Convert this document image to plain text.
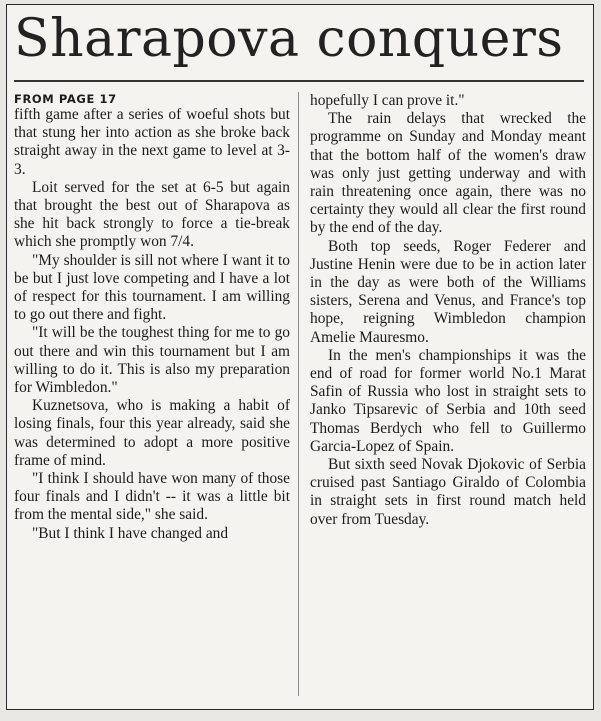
Sharapova conquers
FROM PAGE 17

fifth game after a series of woeful shots but that stung her into action as she broke back straight away in the next game to level at 3-3.

Loit served for the set at 6-5 but again that brought the best out of Sharapova as she hit back strongly to force a tie-break which she promptly won 7/4.

"My shoulder is sill not where I want it to be but I just love competing and I have a lot of respect for this tournament. I am willing to go out there and fight.

"It will be the toughest thing for me to go out there and win this tournament but I am willing to do it. This is also my preparation for Wimbledon."

Kuznetsova, who is making a habit of losing finals, four this year already, said she was determined to adopt a more positive frame of mind.

"I think I should have won many of those four finals and I didn't -- it was a little bit from the mental side," she said.

"But I think I have changed and

hopefully I can prove it."

The rain delays that wrecked the programme on Sunday and Monday meant that the bottom half of the women's draw was only just getting underway and with rain threatening once again, there was no certainty they would all clear the first round by the end of the day.

Both top seeds, Roger Federer and Justine Henin were due to be in action later in the day as were both of the Williams sisters, Serena and Venus, and France's top hope, reigning Wimbledon champion Amelie Mauresmo.

In the men's championships it was the end of road for former world No.1 Marat Safin of Russia who lost in straight sets to Janko Tipsarevic of Serbia and 10th seed Thomas Berdych who fell to Guillermo Garcia-Lopez of Spain.

But sixth seed Novak Djokovic of Serbia cruised past Santiago Giraldo of Colombia in straight sets in first round match held over from Tuesday.
